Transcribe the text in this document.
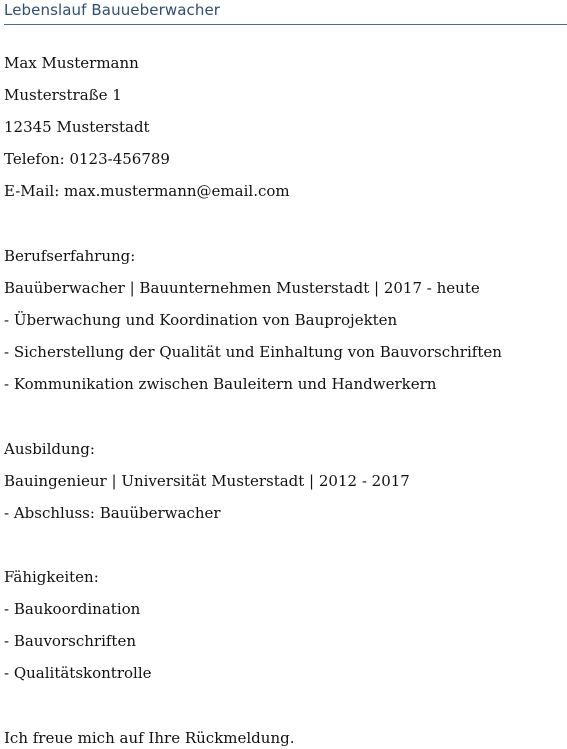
Lebenslauf Bauueberwacher
Max Mustermann
Musterstraße 1
12345 Musterstadt
Telefon: 0123-456789
E-Mail: max.mustermann@email.com
Berufserfahrung:
Bauüberwacher | Bauunternehmen Musterstadt | 2017 - heute
- Überwachung und Koordination von Bauprojekten
- Sicherstellung der Qualität und Einhaltung von Bauvorschriften
- Kommunikation zwischen Bauleitern und Handwerkern
Ausbildung:
Bauingenieur | Universität Musterstadt | 2012 - 2017
- Abschluss: Bauüberwacher
Fähigkeiten:
- Baukoordination
- Bauvorschriften
- Qualitätskontrolle
Ich freue mich auf Ihre Rückmeldung.
